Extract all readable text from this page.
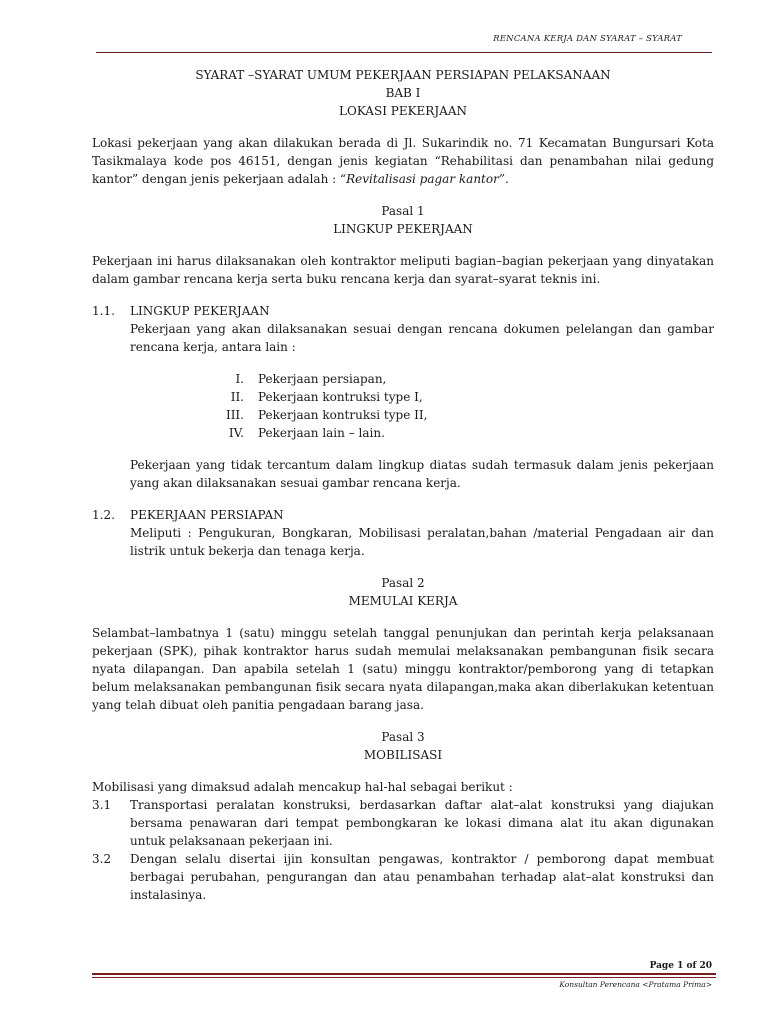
RENCANA KERJA DAN SYARAT – SYARAT
SYARAT –SYARAT UMUM PEKERJAAN PERSIAPAN PELAKSANAAN
BAB I
LOKASI PEKERJAAN

Lokasi pekerjaan yang akan dilakukan berada di Jl. Sukarindik no. 71 Kecamatan Bungursari Kota Tasikmalaya kode pos 46151, dengan jenis kegiatan “Rehabilitasi dan penambahan nilai gedung kantor” dengan jenis pekerjaan adalah : “Revitalisasi pagar kantor”.

Pasal 1
LINGKUP PEKERJAAN

Pekerjaan ini harus dilaksanakan oleh kontraktor meliputi bagian–bagian pekerjaan yang dinyatakan dalam gambar rencana kerja serta buku rencana kerja dan syarat–syarat teknis ini.

1.1.	LINGKUP PEKERJAAN

Pekerjaan yang akan dilaksanakan sesuai dengan rencana dokumen pelelangan dan gambar rencana kerja, antara lain :

I.	Pekerjaan persiapan,
II.	Pekerjaan kontruksi type I,
III.	Pekerjaan kontruksi type II,
IV.	Pekerjaan lain – lain.

Pekerjaan yang tidak tercantum dalam lingkup diatas sudah termasuk dalam jenis pekerjaan yang akan dilaksanakan sesuai gambar rencana kerja.

1.2.	PEKERJAAN PERSIAPAN

Meliputi : Pengukuran, Bongkaran, Mobilisasi peralatan,bahan /material Pengadaan air dan listrik untuk bekerja dan tenaga kerja.

Pasal 2
MEMULAI KERJA

Selambat–lambatnya 1 (satu) minggu setelah tanggal penunjukan dan perintah kerja pelaksanaan pekerjaan (SPK), pihak kontraktor harus sudah memulai melaksanakan pembangunan fisik secara nyata dilapangan. Dan apabila setelah 1 (satu) minggu kontraktor/pemborong yang di tetapkan belum melaksanakan pembangunan fisik secara nyata dilapangan,maka akan diberlakukan ketentuan yang telah dibuat oleh panitia pengadaan barang jasa.

Pasal 3
MOBILISASI

Mobilisasi yang dimaksud adalah mencakup hal-hal sebagai berikut :

3.1	Transportasi peralatan konstruksi, berdasarkan daftar alat–alat konstruksi yang diajukan bersama penawaran dari tempat pembongkaran ke lokasi dimana alat itu akan digunakan untuk pelaksanaan pekerjaan ini.

3.2	Dengan selalu disertai ijin konsultan pengawas, kontraktor / pemborong dapat membuat berbagai perubahan, pengurangan dan atau penambahan terhadap alat–alat konstruksi dan instalasinya.

Page 1 of 20
Konsultan Perencana <Pratama Prima>
